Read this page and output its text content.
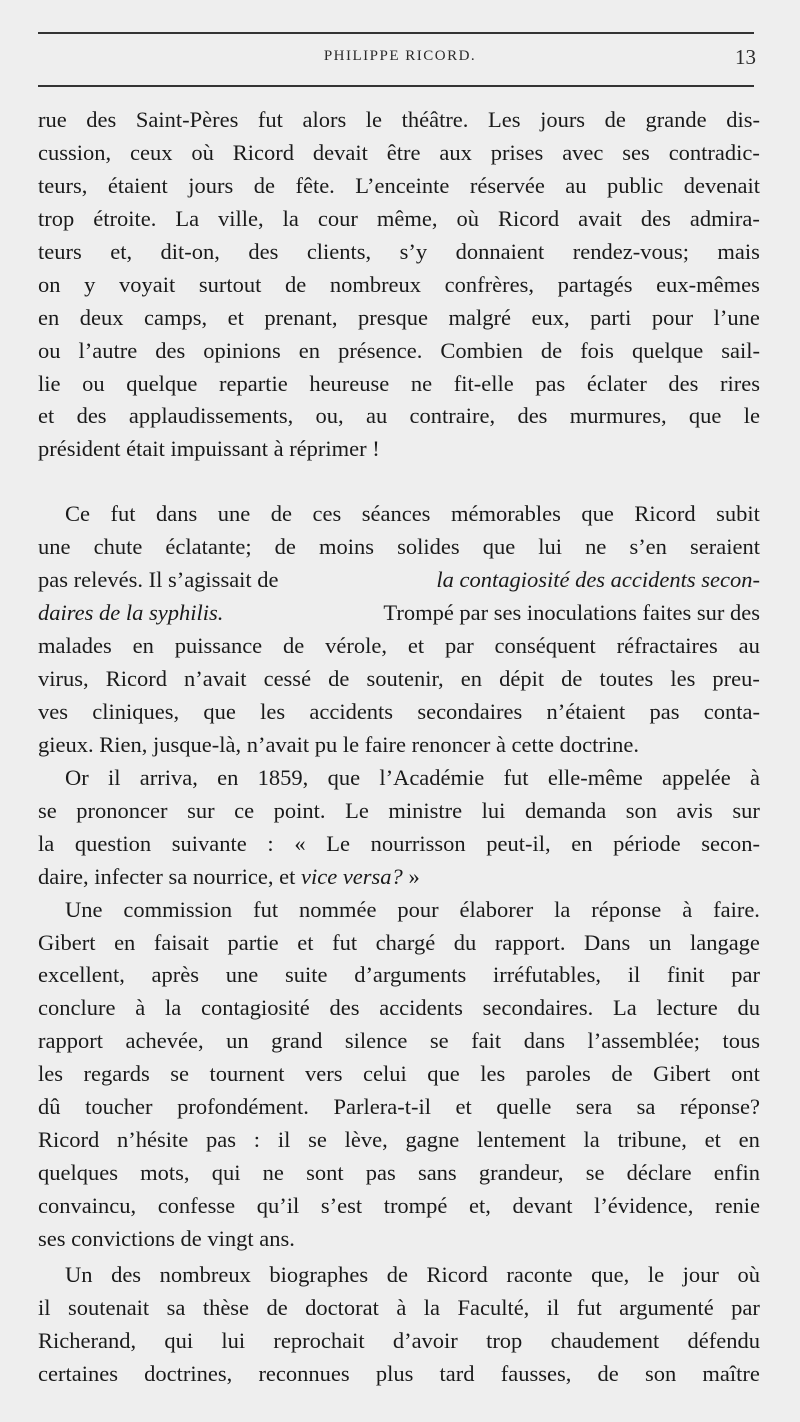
PHILIPPE RICORD.	13
rue des Saint-Pères fut alors le théâtre. Les jours de grande dis-
cussion, ceux où Ricord devait être aux prises avec ses contradic-
teurs, étaient jours de fête. L’enceinte réservée au public devenait
trop étroite. La ville, la cour même, où Ricord avait des admira-
teurs et, dit-on, des clients, s’y donnaient rendez-vous; mais
on y voyait surtout de nombreux confrères, partagés eux-mêmes
en deux camps, et prenant, presque malgré eux, parti pour l’une
ou l’autre des opinions en présence. Combien de fois quelque sail-
lie ou quelque repartie heureuse ne fit-elle pas éclater des rires
et des applaudissements, ou, au contraire, des murmures, que le
président était impuissant à réprimer !
Ce fut dans une de ces séances mémorables que Ricord subit
une chute éclatante; de moins solides que lui ne s’en seraient
pas relevés. Il s’agissait de	la contagiosité des accidents secon-
daires de la syphilis.	Trompé par ses inoculations faites sur des
malades en puissance de vérole, et par conséquent réfractaires au
virus, Ricord n’avait cessé de soutenir, en dépit de toutes les preu-
ves cliniques, que les accidents secondaires n’étaient pas conta-
gieux. Rien, jusque-là, n’avait pu le faire renoncer à cette doctrine.
Or il arriva, en 1859, que l’Académie fut elle-même appelée à
se prononcer sur ce point. Le ministre lui demanda son avis sur
la question suivante : « Le nourrisson peut-il, en période secon-
daire, infecter sa nourrice, et
vice versa?
»
Une commission fut nommée pour élaborer la réponse à faire.
Gibert en faisait partie et fut chargé du rapport. Dans un langage
excellent, après une suite d’arguments irréfutables, il finit par
conclure à la contagiosité des accidents secondaires. La lecture du
rapport achevée, un grand silence se fait dans l’assemblée; tous
les regards se tournent vers celui que les paroles de Gibert ont
dû toucher profondément. Parlera-t-il et quelle sera sa réponse?
Ricord n’hésite pas : il se lève, gagne lentement la tribune, et en
quelques mots, qui ne sont pas sans grandeur, se déclare enfin
convaincu, confesse qu’il s’est trompé et, devant l’évidence, renie
ses convictions de vingt ans.
Un des nombreux biographes de Ricord raconte que, le jour où
il soutenait sa thèse de doctorat à la Faculté, il fut argumenté par
Richerand, qui lui reprochait d’avoir trop chaudement défendu
certaines doctrines, reconnues plus tard fausses, de son maître
